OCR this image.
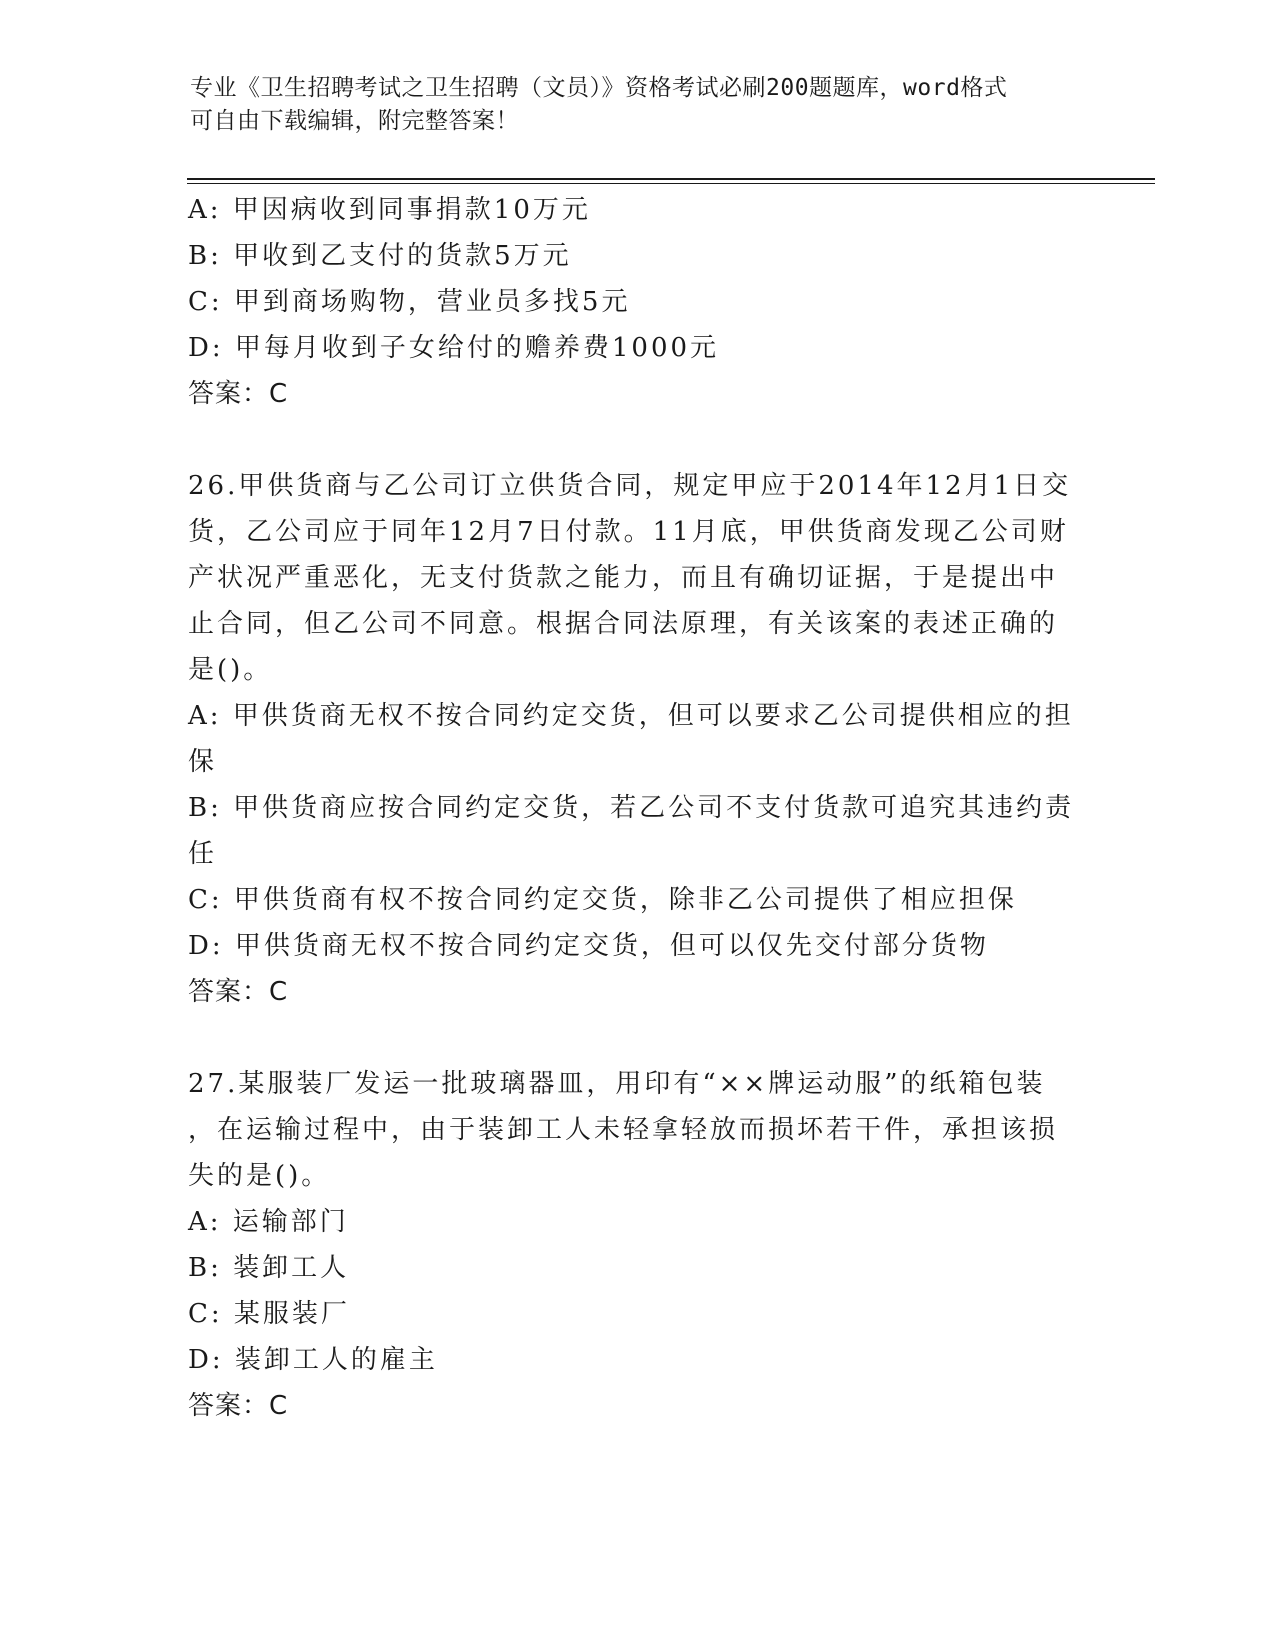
专业《卫生招聘考试之卫生招聘（文员）》资格考试必刷200题题库，word格式
可自由下载编辑，附完整答案！
A: 甲因病收到同事捐款10万元
B: 甲收到乙支付的货款5万元
C: 甲到商场购物，营业员多找5元
D: 甲每月收到子女给付的赡养费1000元
答案：C
26.甲供货商与乙公司订立供货合同，规定甲应于2014年12月1日交
货，乙公司应于同年12月7日付款。11月底，甲供货商发现乙公司财
产状况严重恶化，无支付货款之能力，而且有确切证据，于是提出中
止合同，但乙公司不同意。根据合同法原理，有关该案的表述正确的
是()。
A: 甲供货商无权不按合同约定交货，但可以要求乙公司提供相应的担
保
B: 甲供货商应按合同约定交货，若乙公司不支付货款可追究其违约责
任
C: 甲供货商有权不按合同约定交货，除非乙公司提供了相应担保
D: 甲供货商无权不按合同约定交货，但可以仅先交付部分货物
答案：C
27.某服装厂发运一批玻璃器皿，用印有“××牌运动服”的纸箱包装
，在运输过程中，由于装卸工人未轻拿轻放而损坏若干件，承担该损
失的是()。
A: 运输部门
B: 装卸工人
C: 某服装厂
D: 装卸工人的雇主
答案：C
